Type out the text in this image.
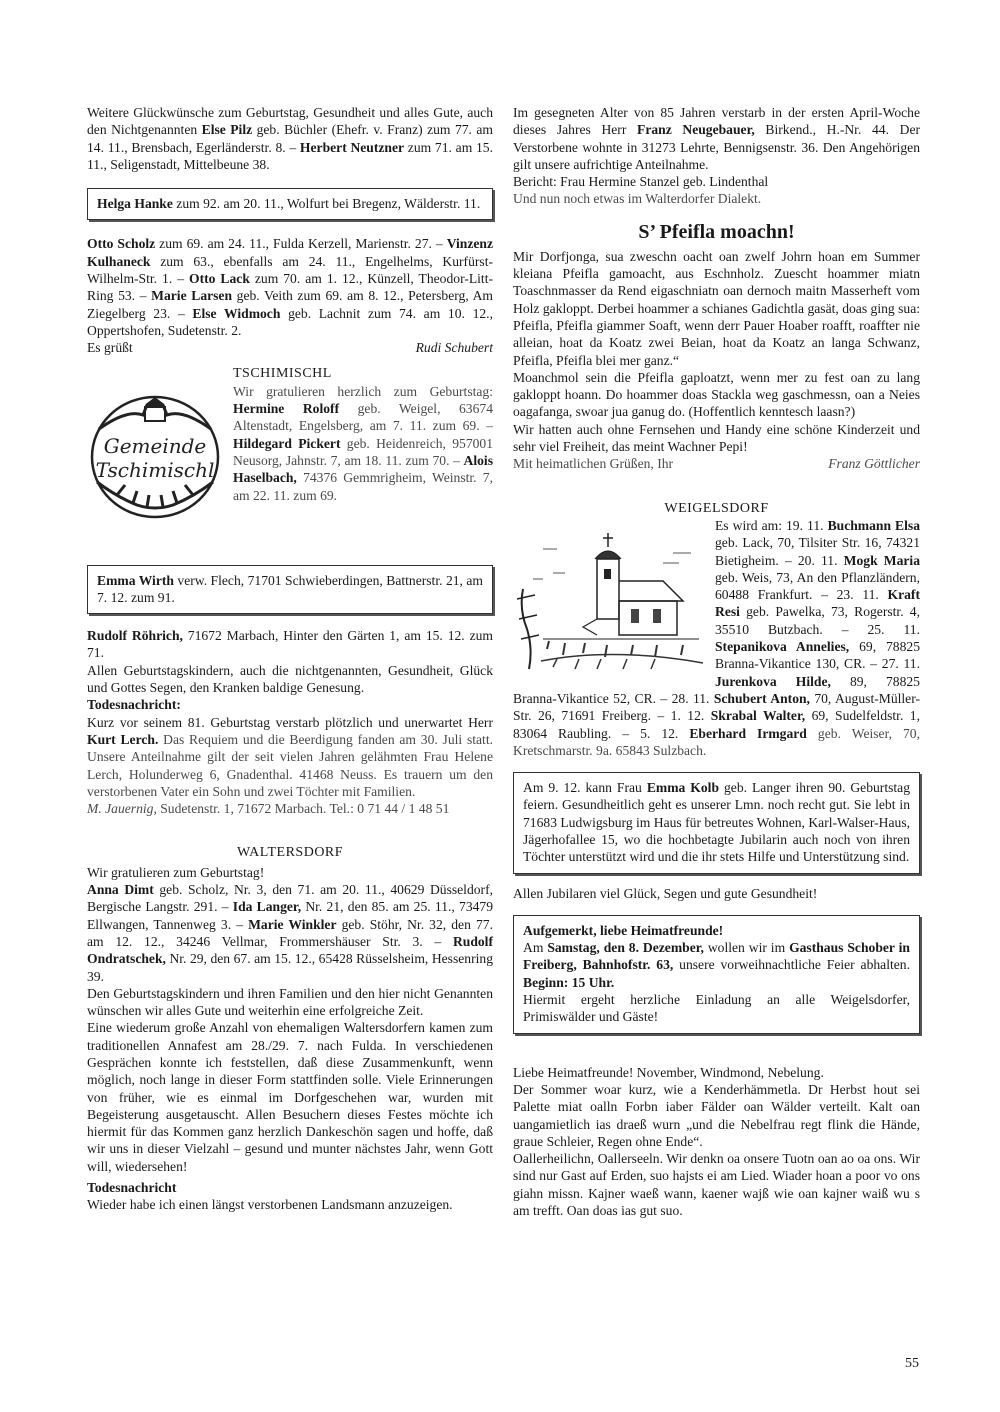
Weitere Glückwünsche zum Geburtstag, Gesundheit und alles Gute, auch den Nichtgenannten Else Pilz geb. Büchler (Ehefr. v. Franz) zum 77. am 14. 11., Brensbach, Egerländerstr. 8. – Herbert Neutzner zum 71. am 15. 11., Seligenstadt, Mittelbeune 38.

Helga Hanke zum 92. am 20. 11., Wolfurt bei Bregenz, Wälderstr. 11.

Otto Scholz zum 69. am 24. 11., Fulda Kerzell, Marienstr. 27. – Vinzenz Kulhaneck zum 63., ebenfalls am 24. 11., Engelhelms, Kurfürst-Wilhelm-Str. 1. – Otto Lack zum 70. am 1. 12., Künzell, Theodor-Litt-Ring 53. – Marie Larsen geb. Veith zum 69. am 8. 12., Petersberg, Am Ziegelberg 23. – Else Widmoch geb. Lachnit zum 74. am 10. 12., Oppertshofen, Sudetenstr. 2.

Es grüßt	Rudi Schubert
Gemeinde
Tschimischl
TSCHIMISCHL

Wir gratulieren herzlich zum Geburtstag: Hermine Roloff geb. Weigel, 63674 Altenstadt, Engelsberg, am 7. 11. zum 69. – Hildegard Pickert geb. Heidenreich, 957001 Neusorg, Jahnstr. 7, am 18. 11. zum 70. – Alois Haselbach, 74376 Gemmrigheim, Weinstr. 7, am 22. 11. zum 69.

Emma Wirth verw. Flech, 71701 Schwieberdingen, Battnerstr. 21, am 7. 12. zum 91.

Rudolf Röhrich, 71672 Marbach, Hinter den Gärten 1, am 15. 12. zum 71.

Allen Geburtstagskindern, auch die nichtgenannten, Gesundheit, Glück und Gottes Segen, den Kranken baldige Genesung.

Todesnachricht:

Kurz vor seinem 81. Geburtstag verstarb plötzlich und unerwartet Herr Kurt Lerch. Das Requiem und die Beerdigung fanden am 30. Juli statt. Unsere Anteilnahme gilt der seit vielen Jahren gelähmten Frau Helene Lerch, Holunderweg 6, Gnadenthal. 41468 Neuss. Es trauern um den verstorbenen Vater ein Sohn und zwei Töchter mit Familien.

M. Jauernig, Sudetenstr. 1, 71672 Marbach. Tel.: 0 71 44 / 1 48 51

WALTERSDORF

Wir gratulieren zum Geburtstag!

Anna Dimt geb. Scholz, Nr. 3, den 71. am 20. 11., 40629 Düsseldorf, Bergische Langstr. 291. – Ida Langer, Nr. 21, den 85. am 25. 11., 73479 Ellwangen, Tannenweg 3. – Marie Winkler geb. Stöhr, Nr. 32, den 77. am 12. 12., 34246 Vellmar, Frommershäuser Str. 3. – Rudolf Ondratschek, Nr. 29, den 67. am 15. 12., 65428 Rüsselsheim, Hessenring 39.

Den Geburtstagskindern und ihren Familien und den hier nicht Genannten wünschen wir alles Gute und weiterhin eine erfolgreiche Zeit.

Eine wiederum große Anzahl von ehemaligen Waltersdorfern kamen zum traditionellen Annafest am 28./29. 7. nach Fulda. In verschiedenen Gesprächen konnte ich feststellen, daß diese Zusammenkunft, wenn möglich, noch lange in dieser Form stattfinden solle. Viele Erinnerungen von früher, wie es einmal im Dorfgeschehen war, wurden mit Begeisterung ausgetauscht. Allen Besuchern dieses Festes möchte ich hiermit für das Kommen ganz herzlich Dankeschön sagen und hoffe, daß wir uns in dieser Vielzahl – gesund und munter nächstes Jahr, wenn Gott will, wiedersehen!

Todesnachricht

Wieder habe ich einen längst verstorbenen Landsmann anzuzeigen.

Im gesegneten Alter von 85 Jahren verstarb in der ersten April-Woche dieses Jahres Herr Franz Neugebauer, Birkend., H.-Nr. 44. Der Verstorbene wohnte in 31273 Lehrte, Bennigsenstr. 36. Den Angehörigen gilt unsere aufrichtige Anteilnahme.

Bericht: Frau Hermine Stanzel geb. Lindenthal

Und nun noch etwas im Walterdorfer Dialekt.

S’ Pfeifla moachn!

Mir Dorfjonga, sua zweschn oacht oan zwelf Johrn hoan em Summer kleiana Pfeifla gamoacht, aus Eschnholz. Zuescht hoammer miatn Toaschnmasser da Rend eigaschniatn oan dernoch maitn Masserheft vom Holz gakloppt. Derbei hoammer a schianes Gadichtla gasät, doas ging sua: Pfeifla, Pfeifla giammer Soaft, wenn derr Pauer Hoaber roafft, roaffter nie alleian, hoat da Koatz zwei Beian, hoat da Koatz an langa Schwanz, Pfeifla, Pfeifla blei mer ganz.“

Moanchmol sein die Pfeifla gaploatzt, wenn mer zu fest oan zu lang gakloppt hoann. Do hoammer doas Stackla weg gaschmessn, oan a Neies oagafanga, swoar jua ganug do. (Hoffentlich kenntesch laasn?)

Wir hatten auch ohne Fernsehen und Handy eine schöne Kinderzeit und sehr viel Freiheit, das meint Wachner Pepi!

Mit heimatlichen Grüßen, Ihr	Franz Göttlicher
WEIGELSDORF

Es wird am: 19. 11. Buchmann Elsa geb. Lack, 70, Tilsiter Str. 16, 74321 Bietigheim. – 20. 11. Mogk Maria geb. Weis, 73, An den Pflanzländern, 60488 Frankfurt. – 23. 11. Kraft Resi geb. Pawelka, 73, Rogerstr. 4, 35510 Butzbach. – 25. 11. Stepanikova Annelies, 69, 78825 Branna-Vikantice 130, CR. – 27. 11. Jurenkova Hilde, 89, 78825 Branna-Vikantice 52, CR. – 28. 11. Schubert Anton, 70, August-Müller-Str. 26, 71691 Freiberg. – 1. 12. Skrabal Walter, 69, Sudelfeldstr. 1, 83064 Raubling. – 5. 12. Eberhard Irmgard geb. Weiser, 70, Kretschmarstr. 9a. 65843 Sulzbach.

Am 9. 12. kann Frau Emma Kolb geb. Langer ihren 90. Geburtstag feiern. Gesundheitlich geht es unserer Lmn. noch recht gut. Sie lebt in 71683 Ludwigsburg im Haus für betreutes Wohnen, Karl-Walser-Haus, Jägerhofallee 15, wo die hochbetagte Jubilarin auch noch von ihren Töchter unterstützt wird und die ihr stets Hilfe und Unterstützung sind.

Allen Jubilaren viel Glück, Segen und gute Gesundheit!

Aufgemerkt, liebe Heimatfreunde!

Am Samstag, den 8. Dezember, wollen wir im Gasthaus Schober in Freiberg, Bahnhofstr. 63, unsere vorweihnachtliche Feier abhalten. Beginn: 15 Uhr.

Hiermit ergeht herzliche Einladung an alle Weigelsdorfer, Primiswälder und Gäste!

Liebe Heimatfreunde! November, Windmond, Nebelung.

Der Sommer woar kurz, wie a Kenderhämmetla. Dr Herbst hout sei Palette miat oalln Forbn iaber Fälder oan Wälder verteilt. Kalt oan uangamietlich ias draeß wurn „und die Nebelfrau regt flink die Hände, graue Schleier, Regen ohne Ende“.

Oallerheilichn, Oallerseeln. Wir denkn oa onsere Tuotn oan ao oa ons. Wir sind nur Gast auf Erden, suo hajsts ei am Lied. Wiader hoan a poor vo ons giahn missn. Kajner waeß wann, kaener wajß wie oan kajner waiß wu s am trefft. Oan doas ias gut suo.

55
